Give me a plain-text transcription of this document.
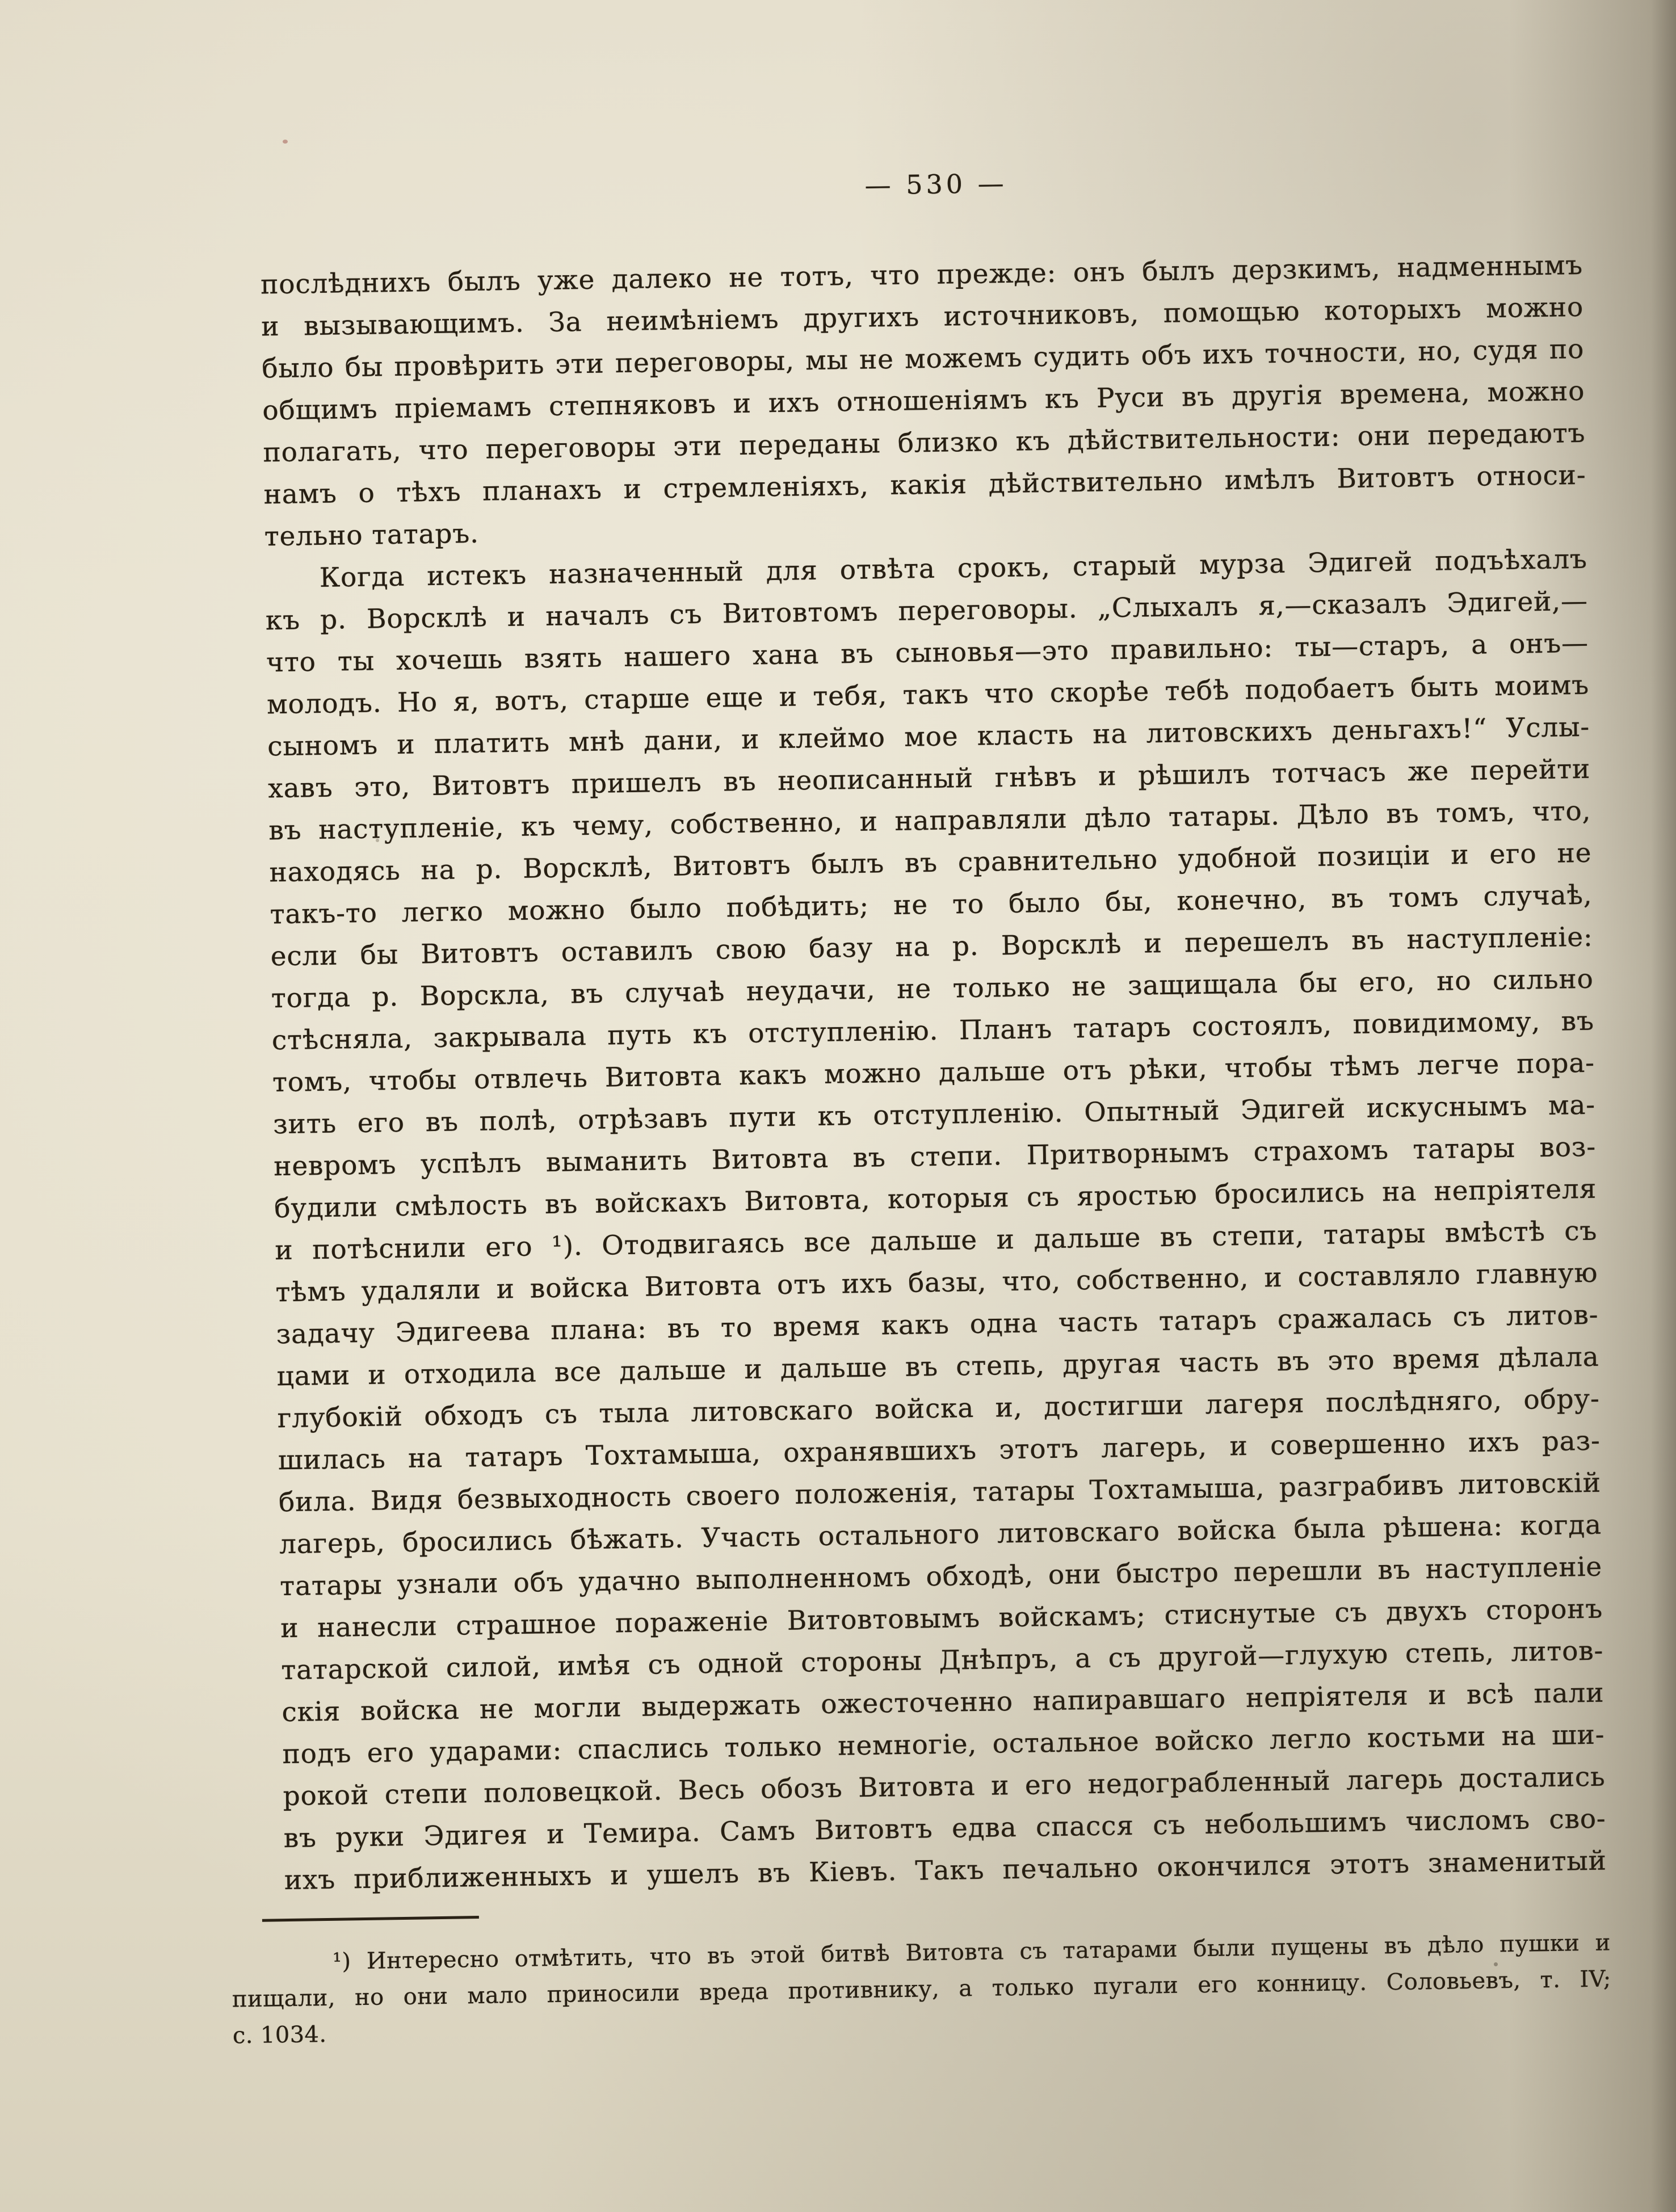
— 530 —
послѣднихъ былъ уже далеко не тотъ, что прежде: онъ былъ дерзкимъ, надменнымъ
и вызывающимъ. За неимѣніемъ другихъ источниковъ, помощью которыхъ можно
было бы провѣрить эти переговоры, мы не можемъ судить объ ихъ точности, но, судя по
общимъ пріемамъ степняковъ и ихъ отношеніямъ къ Руси въ другія времена, можно
полагать, что переговоры эти переданы близко къ дѣйствительности: они передаютъ
намъ о тѣхъ планахъ и стремленіяхъ, какія дѣйствительно имѣлъ Витовтъ относи-
тельно татаръ.
Когда истекъ назначенный для отвѣта срокъ, старый мурза Эдигей подъѣхалъ
къ р. Ворсклѣ и началъ съ Витовтомъ переговоры. „Слыхалъ я,—сказалъ Эдигей,—
что ты хочешь взять нашего хана въ сыновья—это правильно: ты—старъ, а онъ—
молодъ. Но я, вотъ, старше еще и тебя, такъ что скорѣе тебѣ подобаетъ быть моимъ
сыномъ и платить мнѣ дани, и клеймо мое класть на литовскихъ деньгахъ!“ Услы-
хавъ это, Витовтъ пришелъ въ неописанный гнѣвъ и рѣшилъ тотчасъ же перейти
въ наступленіе, къ чему, собственно, и направляли дѣло татары. Дѣло въ томъ, что,
находясь на р. Ворсклѣ, Витовтъ былъ въ сравнительно удобной позиціи и его не
такъ-то легко можно было побѣдить; не то было бы, конечно, въ томъ случаѣ,
если бы Витовтъ оставилъ свою базу на р. Ворсклѣ и перешелъ въ наступленіе:
тогда р. Ворскла, въ случаѣ неудачи, не только не защищала бы его, но сильно
стѣсняла, закрывала путь къ отступленію. Планъ татаръ состоялъ, повидимому, въ
томъ, чтобы отвлечь Витовта какъ можно дальше отъ рѣки, чтобы тѣмъ легче пора-
зить его въ полѣ, отрѣзавъ пути къ отступленію. Опытный Эдигей искуснымъ ма-
невромъ успѣлъ выманить Витовта въ степи. Притворнымъ страхомъ татары воз-
будили смѣлость въ войскахъ Витовта, которыя съ яростью бросились на непріятеля
и потѣснили его ¹). Отодвигаясь все дальше и дальше въ степи, татары вмѣстѣ съ
тѣмъ удаляли и войска Витовта отъ ихъ базы, что, собственно, и составляло главную
задачу Эдигеева плана: въ то время какъ одна часть татаръ сражалась съ литов-
цами и отходила все дальше и дальше въ степь, другая часть въ это время дѣлала
глубокій обходъ съ тыла литовскаго войска и, достигши лагеря послѣдняго, обру-
шилась на татаръ Тохтамыша, охранявшихъ этотъ лагерь, и совершенно ихъ раз-
била. Видя безвыходность своего положенія, татары Тохтамыша, разграбивъ литовскій
лагерь, бросились бѣжать. Участь остального литовскаго войска была рѣшена: когда
татары узнали объ удачно выполненномъ обходѣ, они быстро перешли въ наступленіе
и нанесли страшное пораженіе Витовтовымъ войскамъ; стиснутые съ двухъ сторонъ
татарской силой, имѣя съ одной стороны Днѣпръ, а съ другой—глухую степь, литов-
скія войска не могли выдержать ожесточенно напиравшаго непріятеля и всѣ пали
подъ его ударами: спаслись только немногіе, остальное войско легло костьми на ши-
рокой степи половецкой. Весь обозъ Витовта и его недограбленный лагерь достались
въ руки Эдигея и Темира. Самъ Витовтъ едва спасся съ небольшимъ числомъ сво-
ихъ приближенныхъ и ушелъ въ Кіевъ. Такъ печально окончился этотъ знаменитый
¹) Интересно отмѣтить, что въ этой битвѣ Витовта съ татарами были пущены въ дѣло пушки и
пищали, но они мало приносили вреда противнику, а только пугали его конницу. Соловьевъ, т. IV;
с. 1034.
